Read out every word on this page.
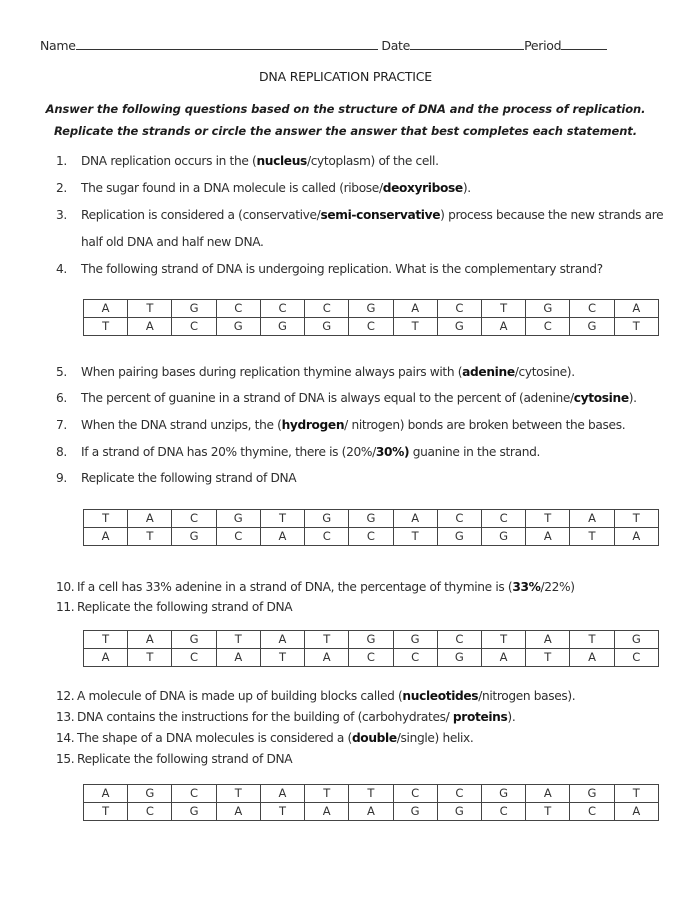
Name	Date	Period
DNA REPLICATION PRACTICE
Answer the following questions based on the structure of DNA and the process of replication.
Replicate the strands or circle the answer the answer that best completes each statement.
1. DNA replication occurs in the (nucleus/cytoplasm) of the cell.
2. The sugar found in a DNA molecule is called (ribose/deoxyribose).
3. Replication is considered a (conservative/semi-conservative) process because the new strands are
half old DNA and half new DNA.
4. The following strand of DNA is undergoing replication. What is the complementary strand?
A	T	G	C	C	C	G	A	C	T	G	C	A
T	A	C	G	G	G	C	T	G	A	C	G	T
5. When pairing bases during replication thymine always pairs with (adenine/cytosine).
6. The percent of guanine in a strand of DNA is always equal to the percent of (adenine/cytosine).
7. When the DNA strand unzips, the (hydrogen/ nitrogen) bonds are broken between the bases.
8. If a strand of DNA has 20% thymine, there is (20%/30%) guanine in the strand.
9. Replicate the following strand of DNA
T	A	C	G	T	G	G	A	C	C	T	A	T
A	T	G	C	A	C	C	T	G	G	A	T	A
10. If a cell has 33% adenine in a strand of DNA, the percentage of thymine is (33%/22%)
11. Replicate the following strand of DNA
T	A	G	T	A	T	G	G	C	T	A	T	G
A	T	C	A	T	A	C	C	G	A	T	A	C
12. A molecule of DNA is made up of building blocks called (nucleotides/nitrogen bases).
13. DNA contains the instructions for the building of (carbohydrates/ proteins).
14. The shape of a DNA molecules is considered a (double/single) helix.
15. Replicate the following strand of DNA
A	G	C	T	A	T	T	C	C	G	A	G	T
T	C	G	A	T	A	A	G	G	C	T	C	A
